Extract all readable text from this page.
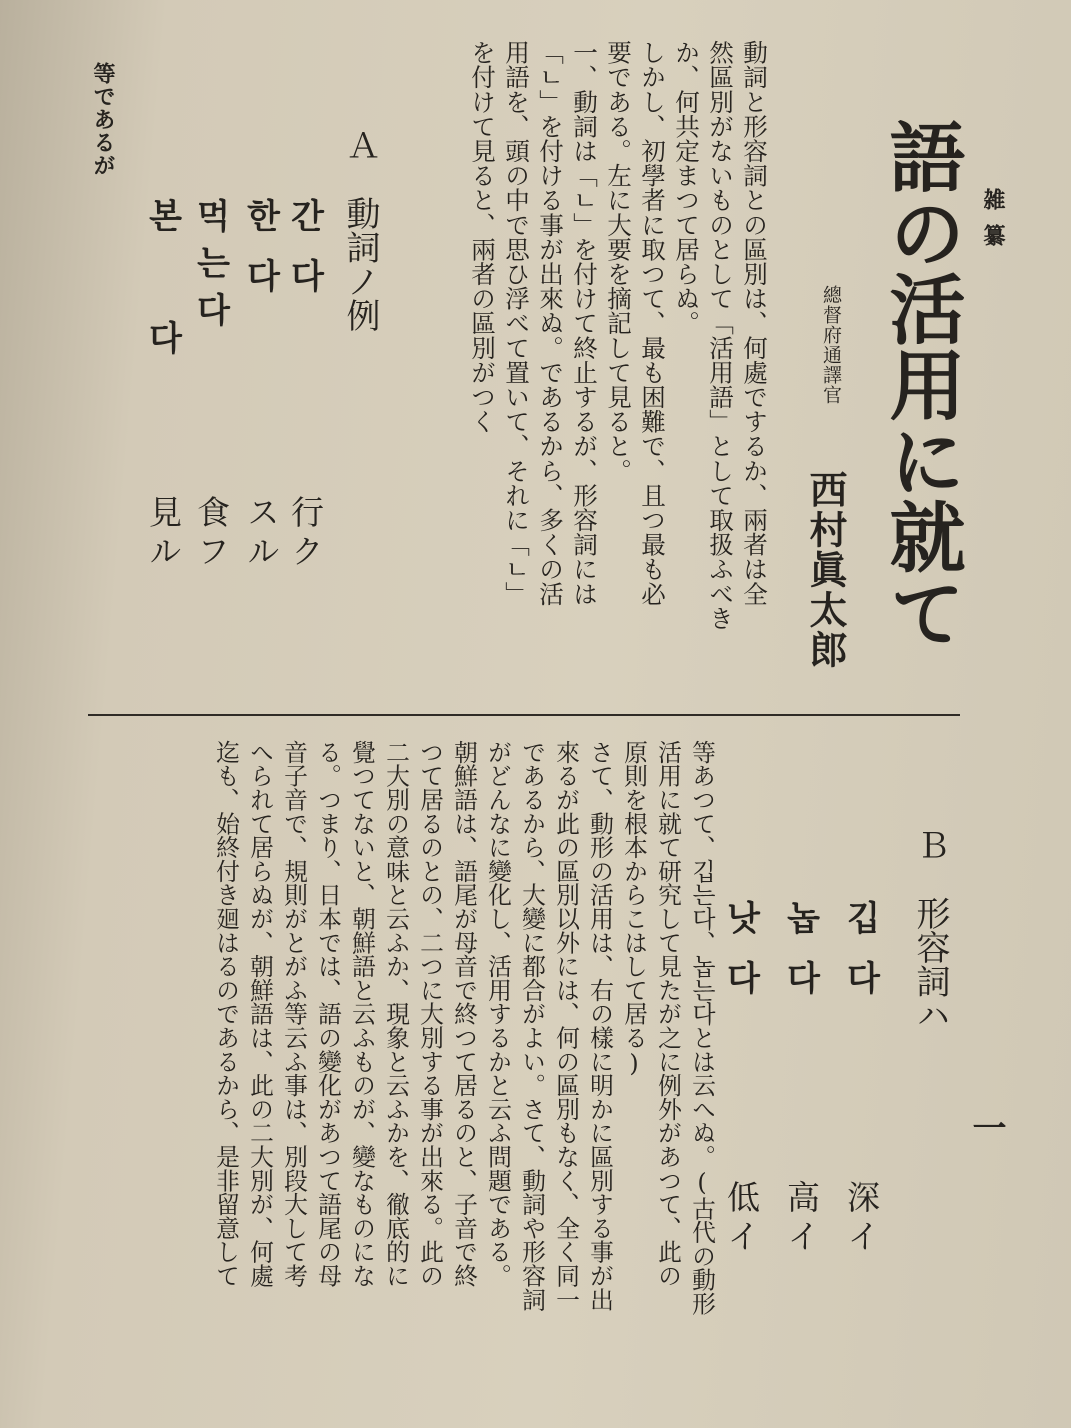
雑纂
語の活用に就て
總督府通譯官
西村眞太郎
動詞と形容詞との區別は、何處でするか、兩者は全
然區別がないものとして「活用語」として取扱ふべき
か、何共定まつて居らぬ。
しかし、初學者に取つて、最も困難で、且つ最も必
要である。左に大要を摘記して見ると。
一、動詞は「ㄴ」を付けて終止するが、形容詞には
「ㄴ」を付ける事が出來ぬ。であるから、多くの活
用語を、頭の中で思ひ浮べて置いて、それに「ㄴ」
を付けて見ると、兩者の區別がつく
Ａ　動詞ノ例
간다
行ク
한다
スル
먹는다
食フ
본다
見ル
等であるが
Ｂ　形容詞ハ
깁다
深イ
놉다
高イ
낫다
低イ
一
等あつて、깁는다、놉는다とは云へぬ。(古代の動形
活用に就て研究して見たが之に例外があつて、此の
原則を根本からこはして居る)
さて、動形の活用は、右の樣に明かに區別する事が出
來るが此の區別以外には、何の區別もなく、全く同一
であるから、大變に都合がよい。さて、動詞や形容詞
がどんなに變化し、活用するかと云ふ問題である。
朝鮮語は、語尾が母音で終つて居るのと、子音で終
つて居るのとの、二つに大別する事が出來る。此の
二大別の意味と云ふか、現象と云ふかを、徹底的に
覺つてないと、朝鮮語と云ふものが、變なものにな
る。つまり、日本では、語の變化があつて語尾の母
音子音で、規則がとがふ等云ふ事は、別段大して考
へられて居らぬが、朝鮮語は、此の二大別が、何處
迄も、始終付き廻はるのであるから、是非留意して
